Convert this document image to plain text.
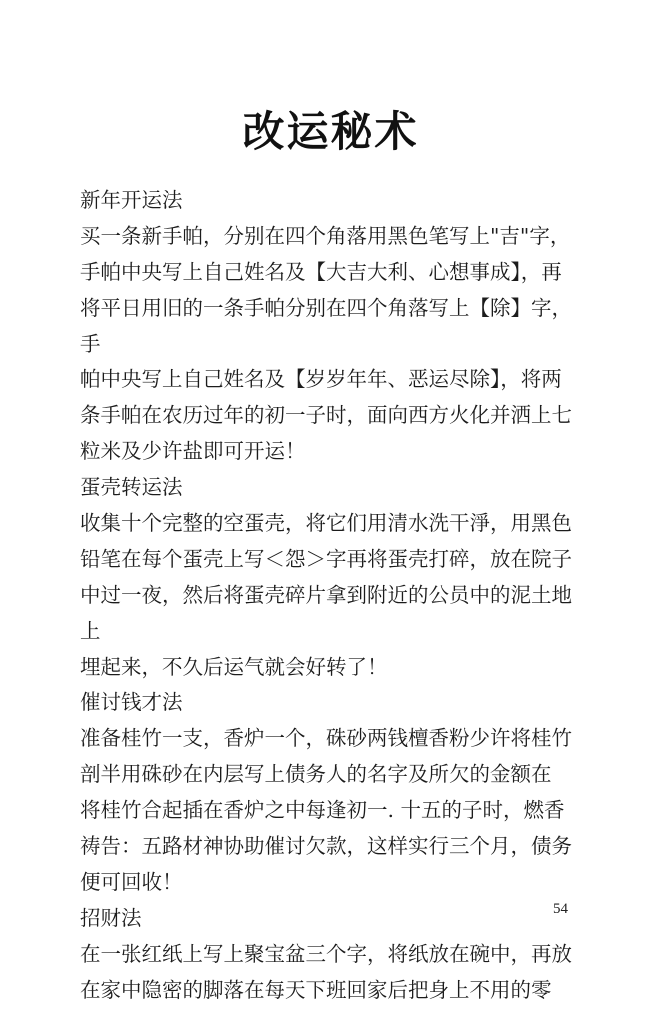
改运秘术
新年开运法
买一条新手帕，分别在四个角落用黑色笔写上"吉"字，
手帕中央写上自己姓名及【大吉大利、心想事成】，再
将平日用旧的一条手帕分别在四个角落写上【除】字，
手
帕中央写上自己姓名及【岁岁年年、恶运尽除】，将两
条手帕在农历过年的初一子时，面向西方火化并洒上七
粒米及少许盐即可开运！
蛋壳转运法
收集十个完整的空蛋壳，将它们用清水洗干淨，用黑色
铅笔在每个蛋壳上写＜怨＞字再将蛋壳打碎，放在院子
中过一夜，然后将蛋壳碎片拿到附近的公员中的泥土地
上
埋起来，不久后运气就会好转了！
催讨钱才法
准备桂竹一支，香炉一个，硃砂两钱檀香粉少许将桂竹
剖半用硃砂在内层写上债务人的名字及所欠的金额在
将桂竹合起插在香炉之中每逢初一. 十五的子时，燃香
祷告：五路材神协助催讨欠款，这样实行三个月，债务
便可回收！
招财法
在一张红纸上写上聚宝盆三个字，将纸放在碗中，再放
在家中隐密的脚落在每天下班回家后把身上不用的零
54
